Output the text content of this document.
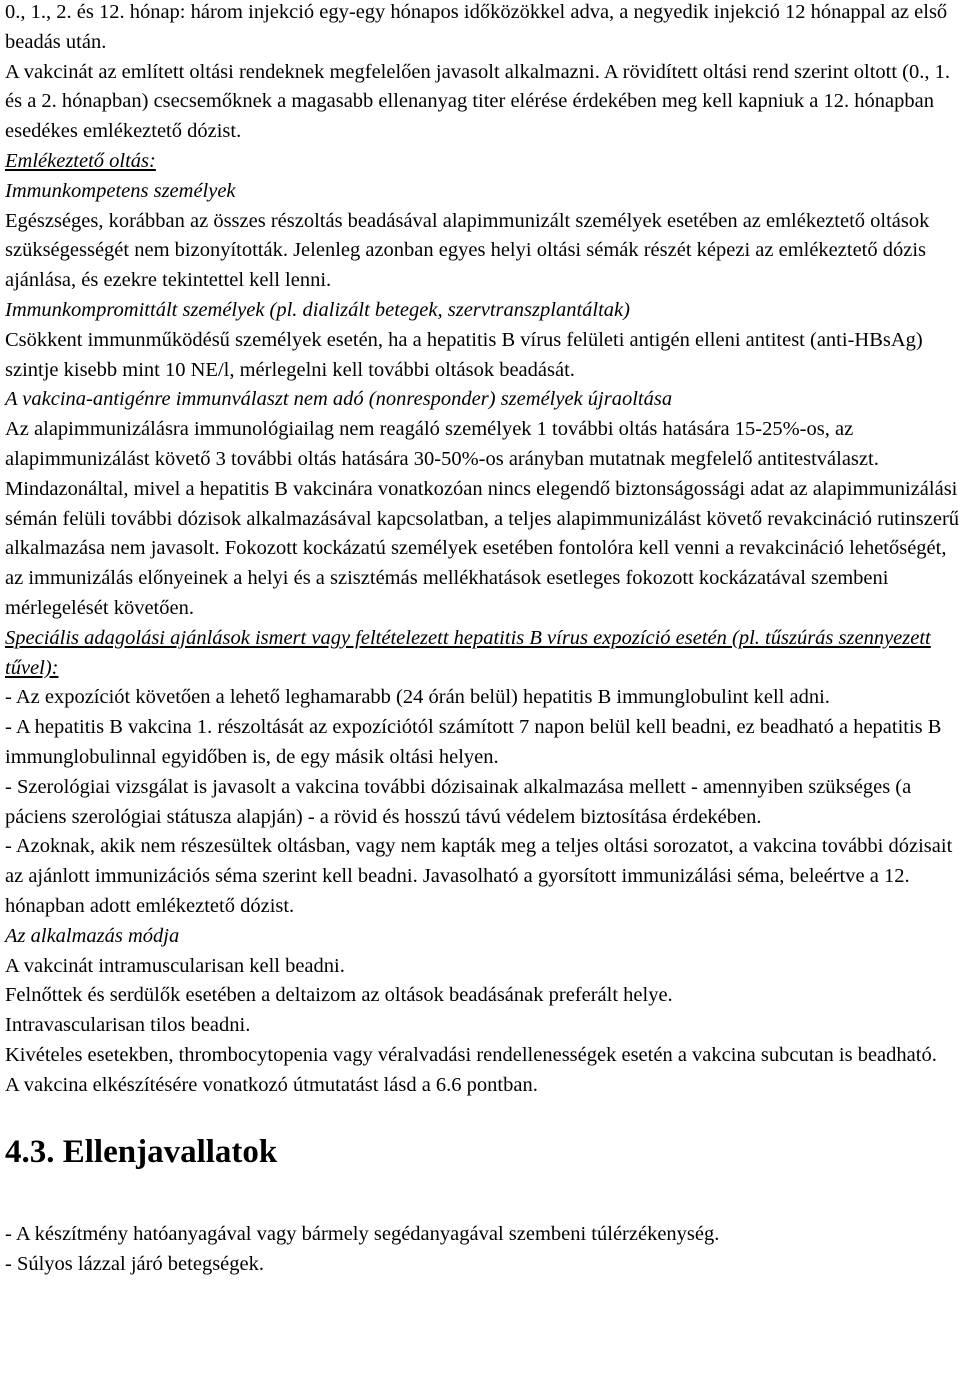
0., 1., 2. és 12. hónap: három injekció egy-egy hónapos időközökkel adva, a negyedik injekció 12 hónappal az első beadás után.

A vakcinát az említett oltási rendeknek megfelelően javasolt alkalmazni. A rövidített oltási rend szerint oltott (0., 1. és a 2. hónapban) csecsemőknek a magasabb ellenanyag titer elérése érdekében meg kell kapniuk a 12. hónapban esedékes emlékeztető dózist.

Emlékeztető oltás:

Immunkompetens személyek

Egészséges, korábban az összes részoltás beadásával alapimmunizált személyek esetében az emlékeztető oltások szükségességét nem bizonyították. Jelenleg azonban egyes helyi oltási sémák részét képezi az emlékeztető dózis ajánlása, és ezekre tekintettel kell lenni.

Immunkompromittált személyek (pl. dializált betegek, szervtranszplantáltak)

Csökkent immunműködésű személyek esetén, ha a hepatitis B vírus felületi antigén elleni antitest (anti-HBsAg) szintje kisebb mint 10 NE/l, mérlegelni kell további oltások beadását.

A vakcina-antigénre immunválaszt nem adó (nonresponder) személyek újraoltása

Az alapimmunizálásra immunológiailag nem reagáló személyek 1 további oltás hatására 15-25%-os, az alapimmunizálást követő 3 további oltás hatására 30-50%-os arányban mutatnak megfelelő antitestválaszt. Mindazonáltal, mivel a hepatitis B vakcinára vonatkozóan nincs elegendő biztonságossági adat az alapimmunizálási sémán felüli további dózisok alkalmazásával kapcsolatban, a teljes alapimmunizálást követő revakcináció rutinszerű alkalmazása nem javasolt. Fokozott kockázatú személyek esetében fontolóra kell venni a revakcináció lehetőségét, az immunizálás előnyeinek a helyi és a szisztémás mellékhatások esetleges fokozott kockázatával szembeni mérlegelését követően.

Speciális adagolási ajánlások ismert vagy feltételezett hepatitis B vírus expozíció esetén (pl. tűszúrás szennyezett tűvel):

- Az expozíciót követően a lehető leghamarabb (24 órán belül) hepatitis B immunglobulint kell adni.

- A hepatitis B vakcina 1. részoltását az expozíciótól számított 7 napon belül kell beadni, ez beadható a hepatitis B immunglobulinnal egyidőben is, de egy másik oltási helyen.

- Szerológiai vizsgálat is javasolt a vakcina további dózisainak alkalmazása mellett - amennyiben szükséges (a páciens szerológiai státusza alapján) - a rövid és hosszú távú védelem biztosítása érdekében.

- Azoknak, akik nem részesültek oltásban, vagy nem kapták meg a teljes oltási sorozatot, a vakcina további dózisait az ajánlott immunizációs séma szerint kell beadni. Javasolható a gyorsított immunizálási séma, beleértve a 12. hónapban adott emlékeztető dózist.

Az alkalmazás módja

A vakcinát intramuscularisan kell beadni.

Felnőttek és serdülők esetében a deltaizom az oltások beadásának preferált helye.

Intravascularisan tilos beadni.

Kivételes esetekben, thrombocytopenia vagy véralvadási rendellenességek esetén a vakcina subcutan is beadható.

A vakcina elkészítésére vonatkozó útmutatást lásd a 6.6 pontban.

4.3. Ellenjavallatok

- A készítmény hatóanyagával vagy bármely segédanyagával szembeni túlérzékenység.

- Súlyos lázzal járó betegségek.
